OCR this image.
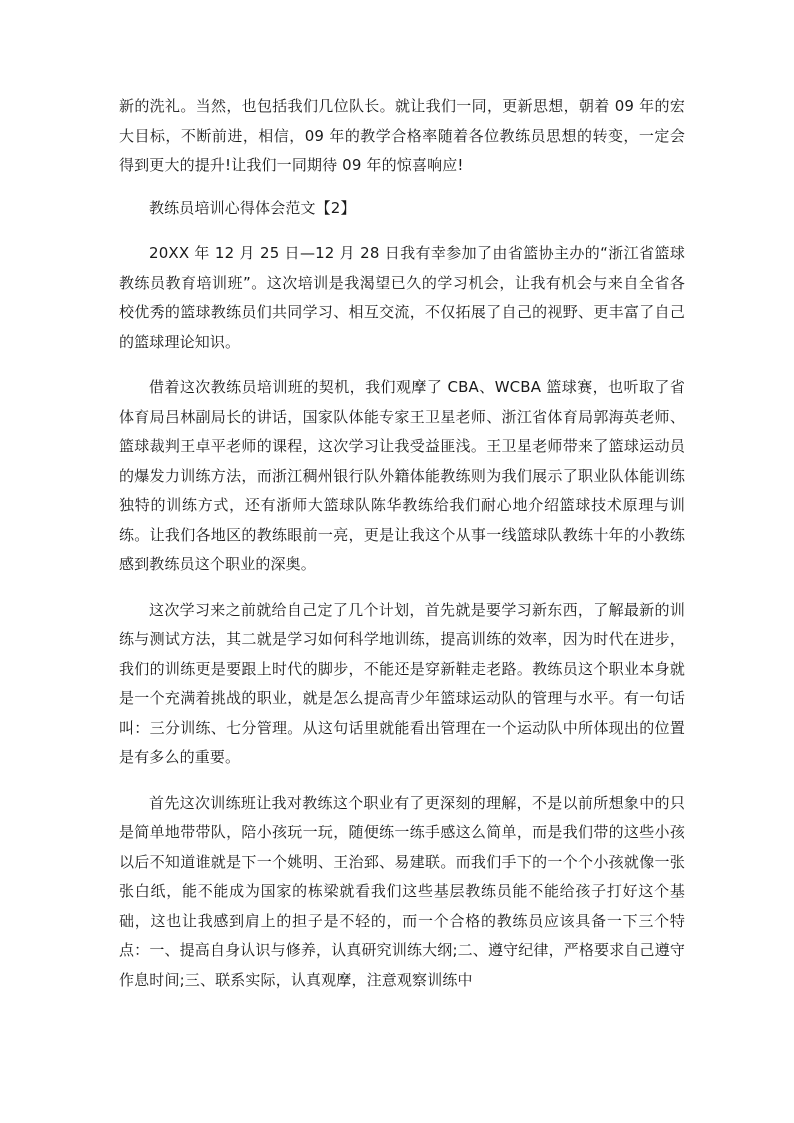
新的洗礼。当然，也包括我们几位队长。就让我们一同，更新思想，朝着 09 年的宏大目标，不断前进，相信，09 年的教学合格率随着各位教练员思想的转变，一定会得到更大的提升!让我们一同期待 09 年的惊喜响应!

教练员培训心得体会范文【2】

20XX 年 12 月 25 日—12 月 28 日我有幸参加了由省篮协主办的“浙江省篮球教练员教育培训班”。这次培训是我渴望已久的学习机会，让我有机会与来自全省各校优秀的篮球教练员们共同学习、相互交流，不仅拓展了自己的视野、更丰富了自己的篮球理论知识。

借着这次教练员培训班的契机，我们观摩了 CBA、WCBA 篮球赛，也听取了省体育局吕林副局长的讲话，国家队体能专家王卫星老师、浙江省体育局郭海英老师、篮球裁判王卓平老师的课程，这次学习让我受益匪浅。王卫星老师带来了篮球运动员的爆发力训练方法，而浙江稠州银行队外籍体能教练则为我们展示了职业队体能训练独特的训练方式，还有浙师大篮球队陈华教练给我们耐心地介绍篮球技术原理与训练。让我们各地区的教练眼前一亮，更是让我这个从事一线篮球队教练十年的小教练感到教练员这个职业的深奥。

这次学习来之前就给自己定了几个计划，首先就是要学习新东西，了解最新的训练与测试方法，其二就是学习如何科学地训练，提高训练的效率，因为时代在进步，我们的训练更是要跟上时代的脚步，不能还是穿新鞋走老路。教练员这个职业本身就是一个充满着挑战的职业，就是怎么提高青少年篮球运动队的管理与水平。有一句话叫：三分训练、七分管理。从这句话里就能看出管理在一个运动队中所体现出的位置是有多么的重要。

首先这次训练班让我对教练这个职业有了更深刻的理解，不是以前所想象中的只是简单地带带队，陪小孩玩一玩，随便练一练手感这么简单，而是我们带的这些小孩以后不知道谁就是下一个姚明、王治郅、易建联。而我们手下的一个个小孩就像一张张白纸，能不能成为国家的栋梁就看我们这些基层教练员能不能给孩子打好这个基础，这也让我感到肩上的担子是不轻的，而一个合格的教练员应该具备一下三个特点：一、提高自身认识与修养，认真研究训练大纲;二、遵守纪律，严格要求自己遵守作息时间;三、联系实际，认真观摩，注意观察训练中
